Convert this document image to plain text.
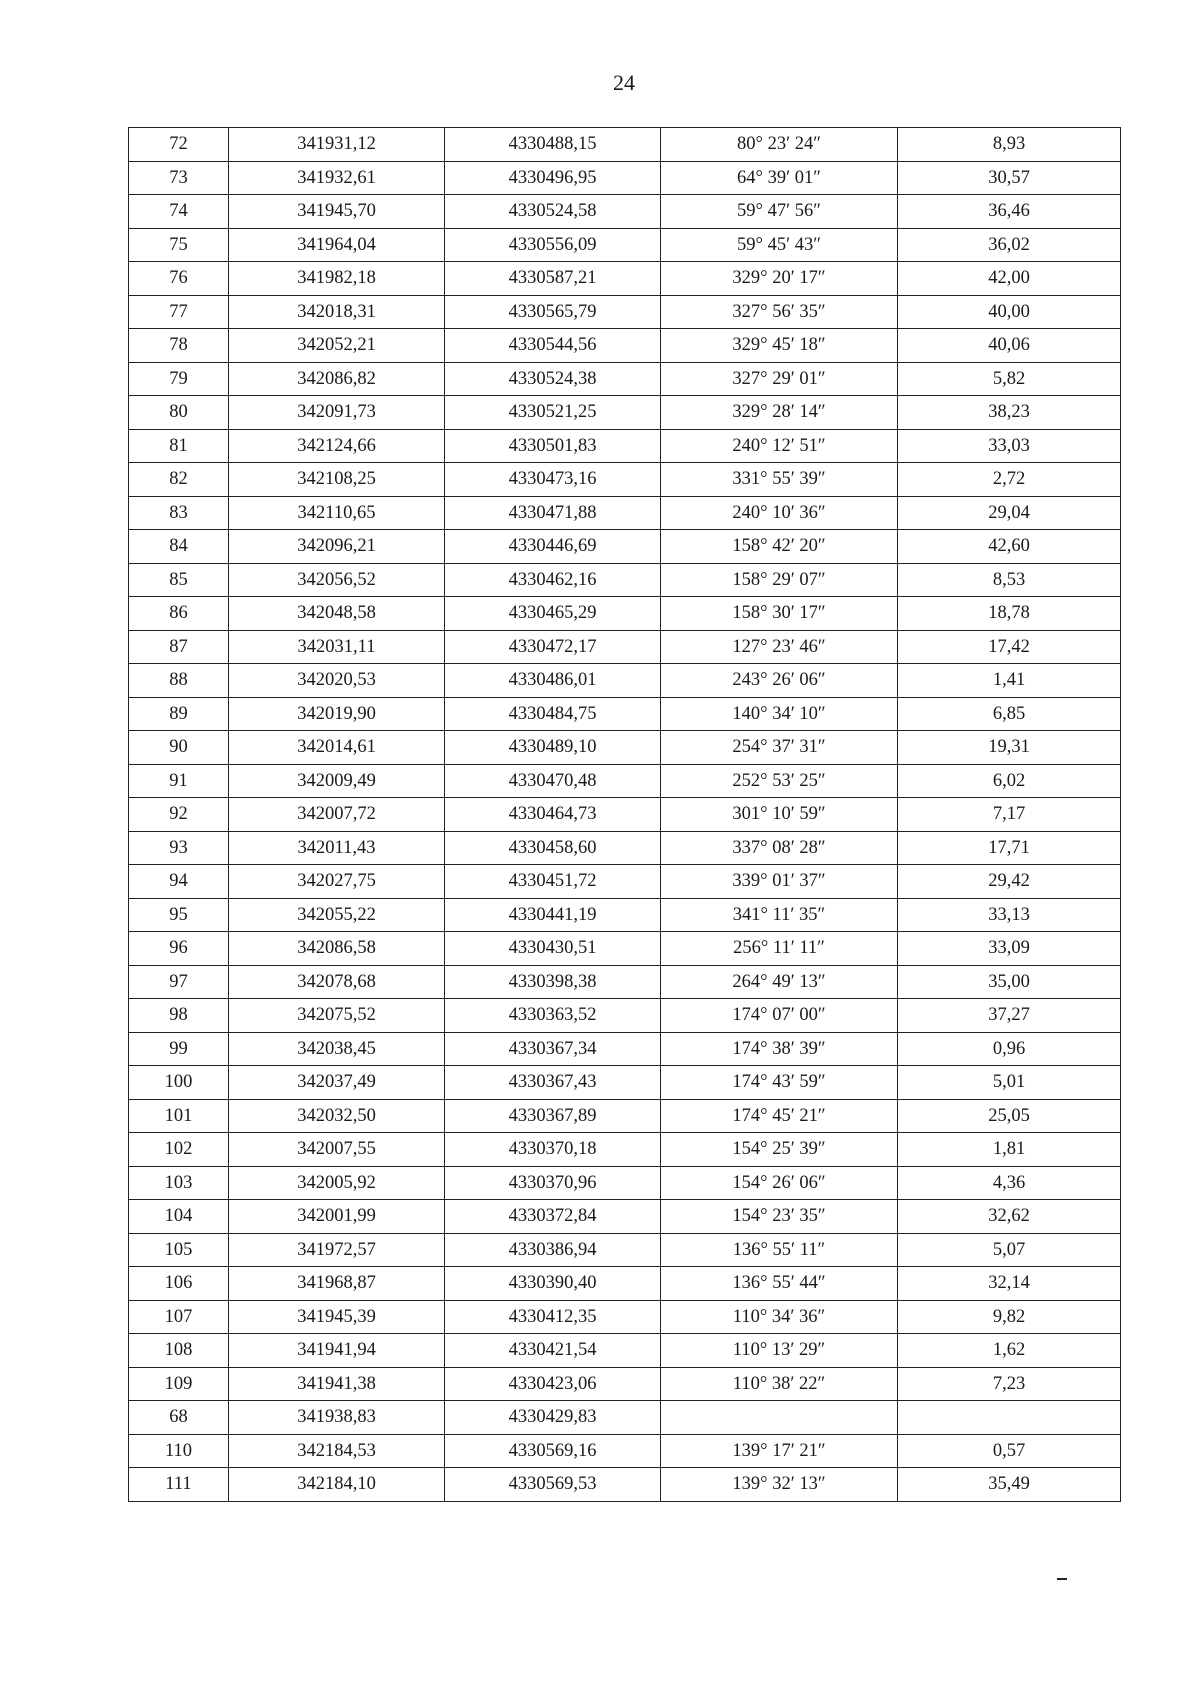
24
72	341931,12	4330488,15	80° 23′ 24″	8,93
73	341932,61	4330496,95	64° 39′ 01″	30,57
74	341945,70	4330524,58	59° 47′ 56″	36,46
75	341964,04	4330556,09	59° 45′ 43″	36,02
76	341982,18	4330587,21	329° 20′ 17″	42,00
77	342018,31	4330565,79	327° 56′ 35″	40,00
78	342052,21	4330544,56	329° 45′ 18″	40,06
79	342086,82	4330524,38	327° 29′ 01″	5,82
80	342091,73	4330521,25	329° 28′ 14″	38,23
81	342124,66	4330501,83	240° 12′ 51″	33,03
82	342108,25	4330473,16	331° 55′ 39″	2,72
83	342110,65	4330471,88	240° 10′ 36″	29,04
84	342096,21	4330446,69	158° 42′ 20″	42,60
85	342056,52	4330462,16	158° 29′ 07″	8,53
86	342048,58	4330465,29	158° 30′ 17″	18,78
87	342031,11	4330472,17	127° 23′ 46″	17,42
88	342020,53	4330486,01	243° 26′ 06″	1,41
89	342019,90	4330484,75	140° 34′ 10″	6,85
90	342014,61	4330489,10	254° 37′ 31″	19,31
91	342009,49	4330470,48	252° 53′ 25″	6,02
92	342007,72	4330464,73	301° 10′ 59″	7,17
93	342011,43	4330458,60	337° 08′ 28″	17,71
94	342027,75	4330451,72	339° 01′ 37″	29,42
95	342055,22	4330441,19	341° 11′ 35″	33,13
96	342086,58	4330430,51	256° 11′ 11″	33,09
97	342078,68	4330398,38	264° 49′ 13″	35,00
98	342075,52	4330363,52	174° 07′ 00″	37,27
99	342038,45	4330367,34	174° 38′ 39″	0,96
100	342037,49	4330367,43	174° 43′ 59″	5,01
101	342032,50	4330367,89	174° 45′ 21″	25,05
102	342007,55	4330370,18	154° 25′ 39″	1,81
103	342005,92	4330370,96	154° 26′ 06″	4,36
104	342001,99	4330372,84	154° 23′ 35″	32,62
105	341972,57	4330386,94	136° 55′ 11″	5,07
106	341968,87	4330390,40	136° 55′ 44″	32,14
107	341945,39	4330412,35	110° 34′ 36″	9,82
108	341941,94	4330421,54	110° 13′ 29″	1,62
109	341941,38	4330423,06	110° 38′ 22″	7,23
68	341938,83	4330429,83		
110	342184,53	4330569,16	139° 17′ 21″	0,57
111	342184,10	4330569,53	139° 32′ 13″	35,49
